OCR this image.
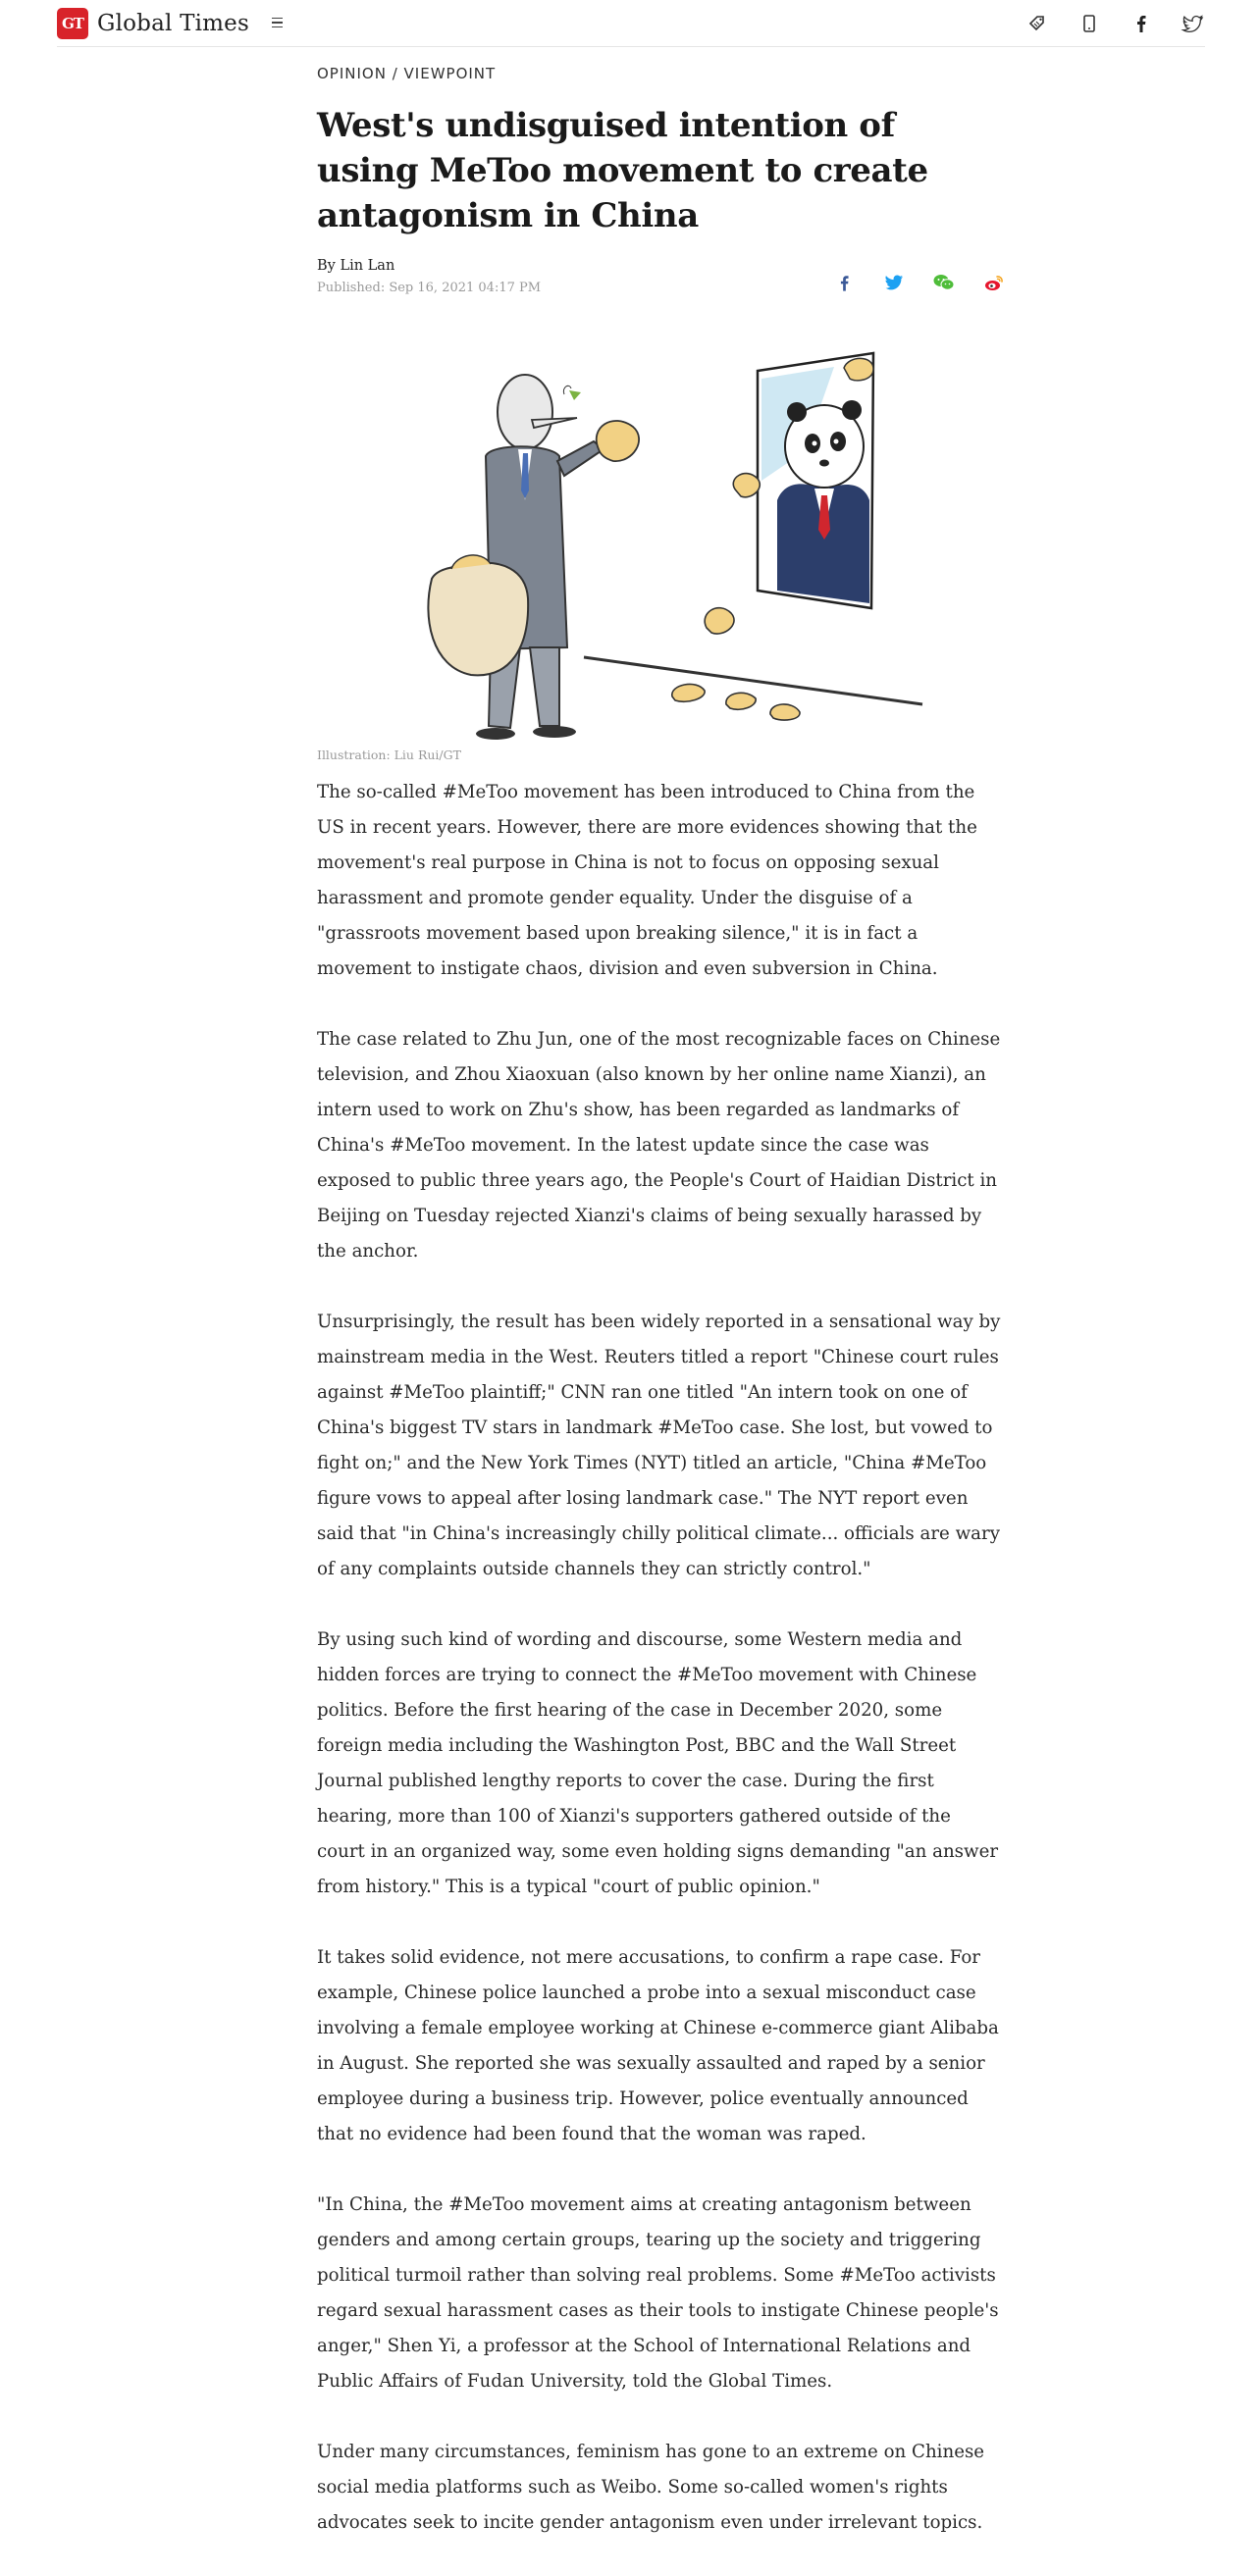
GT Global Times
OPINION / VIEWPOINT
West's undisguised intention of using MeToo movement to create antagonism in China
By Lin Lan
Published: Sep 16, 2021 04:17 PM
Illustration: Liu Rui/GT

The so-called #MeToo movement has been introduced to China from the US in recent years. However, there are more evidences showing that the movement's real purpose in China is not to focus on opposing sexual harassment and promote gender equality. Under the disguise of a "grassroots movement based upon breaking silence," it is in fact a movement to instigate chaos, division and even subversion in China.

The case related to Zhu Jun, one of the most recognizable faces on Chinese television, and Zhou Xiaoxuan (also known by her online name Xianzi), an intern used to work on Zhu's show, has been regarded as landmarks of China's #MeToo movement. In the latest update since the case was exposed to public three years ago, the People's Court of Haidian District in Beijing on Tuesday rejected Xianzi's claims of being sexually harassed by the anchor.

Unsurprisingly, the result has been widely reported in a sensational way by mainstream media in the West. Reuters titled a report "Chinese court rules against #MeToo plaintiff;" CNN ran one titled "An intern took on one of China's biggest TV stars in landmark #MeToo case. She lost, but vowed to fight on;" and the New York Times (NYT) titled an article, "China #MeToo figure vows to appeal after losing landmark case." The NYT report even said that "in China's increasingly chilly political climate... officials are wary of any complaints outside channels they can strictly control."

By using such kind of wording and discourse, some Western media and hidden forces are trying to connect the #MeToo movement with Chinese politics. Before the first hearing of the case in December 2020, some foreign media including the Washington Post, BBC and the Wall Street Journal published lengthy reports to cover the case. During the first hearing, more than 100 of Xianzi's supporters gathered outside of the court in an organized way, some even holding signs demanding "an answer from history." This is a typical "court of public opinion."

It takes solid evidence, not mere accusations, to confirm a rape case. For example, Chinese police launched a probe into a sexual misconduct case involving a female employee working at Chinese e-commerce giant Alibaba in August. She reported she was sexually assaulted and raped by a senior employee during a business trip. However, police eventually announced that no evidence had been found that the woman was raped.

"In China, the #MeToo movement aims at creating antagonism between genders and among certain groups, tearing up the society and triggering political turmoil rather than solving real problems. Some #MeToo activists regard sexual harassment cases as their tools to instigate Chinese people's anger," Shen Yi, a professor at the School of International Relations and Public Affairs of Fudan University, told the Global Times.

Under many circumstances, feminism has gone to an extreme on Chinese social media platforms such as Weibo. Some so-called women's rights advocates seek to incite gender antagonism even under irrelevant topics.
